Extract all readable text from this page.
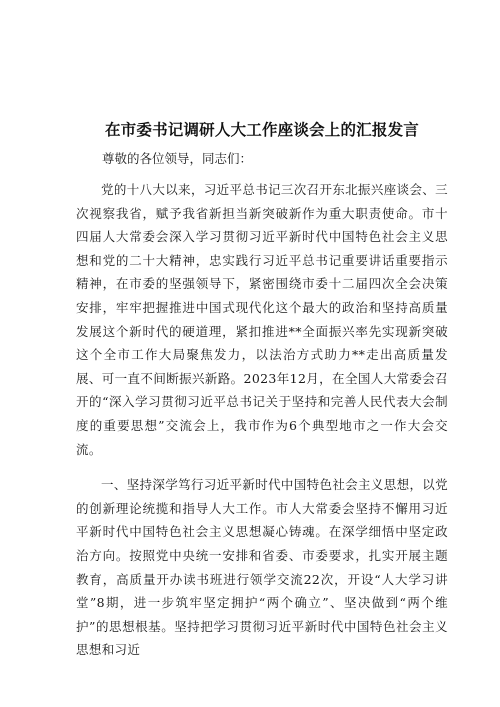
在市委书记调研人大工作座谈会上的汇报发言

尊敬的各位领导，同志们：

党的十八大以来，习近平总书记三次召开东北振兴座谈会、三次视察我省，赋予我省新担当新突破新作为重大职责使命。市十四届人大常委会深入学习贯彻习近平新时代中国特色社会主义思想和党的二十大精神，忠实践行习近平总书记重要讲话重要指示精神，在市委的坚强领导下，紧密围绕市委十二届四次全会决策安排，牢牢把握推进中国式现代化这个最大的政治和坚持高质量发展这个新时代的硬道理，紧扣推进**全面振兴率先实现新突破这个全市工作大局聚焦发力，以法治方式助力**走出高质量发展、可一直不间断振兴新路。2023年12月，在全国人大常委会召开的“深入学习贯彻习近平总书记关于坚持和完善人民代表大会制度的重要思想”交流会上，我市作为6个典型地市之一作大会交流。

一、坚持深学笃行习近平新时代中国特色社会主义思想，以党的创新理论统揽和指导人大工作。市人大常委会坚持不懈用习近平新时代中国特色社会主义思想凝心铸魂。在深学细悟中坚定政治方向。按照党中央统一安排和省委、市委要求，扎实开展主题教育，高质量开办读书班进行领学交流22次，开设“人大学习讲堂”8期，进一步筑牢坚定拥护“两个确立”、坚决做到“两个维护”的思想根基。坚持把学习贯彻习近平新时代中国特色社会主义思想和习近
